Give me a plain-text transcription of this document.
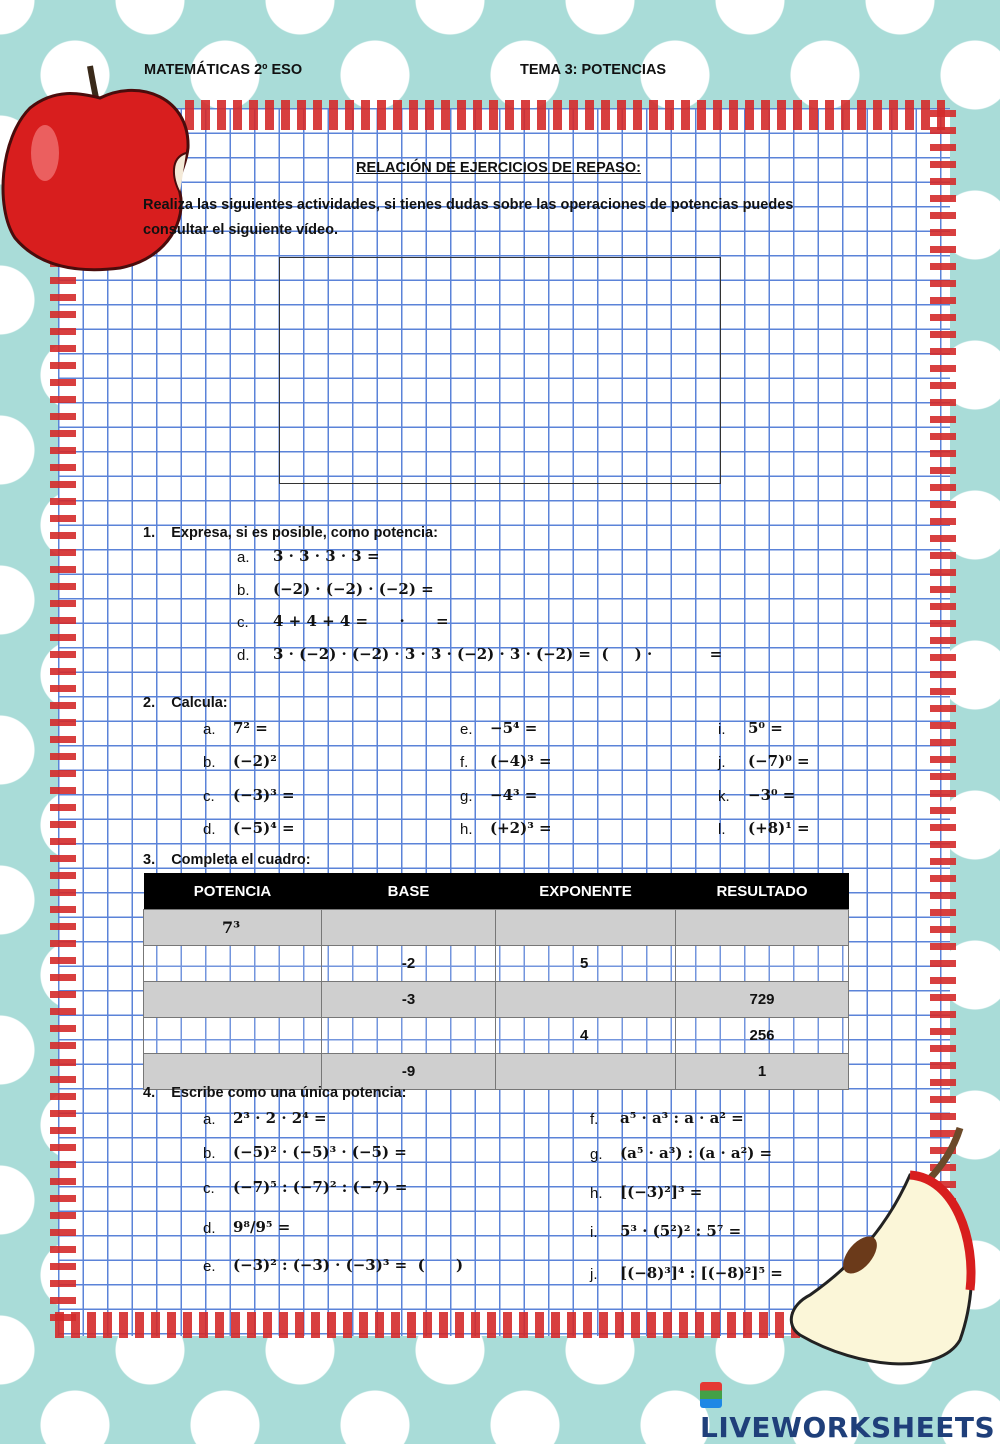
MATEMÁTICAS 2º ESO	TEMA 3: POTENCIAS
RELACIÓN DE EJERCICIOS DE REPASO:
Realiza las siguientes actividades, si tienes dudas sobre las operaciones de potencias puedes
consultar el siguiente vídeo.
1.    Expresa, si es posible, como potencia:
a. 3 · 3 · 3 · 3 =
b. (−2) · (−2) · (−2) =
c. 4 + 4 + 4 =      ·      =
d. 3 · (−2) · (−2) · 3 · 3 · (−2) · 3 · (−2) =  (     ) ·           =
2.    Calcula:
a. 7² =
b. (−2)²
c. (−3)³ =
d. (−5)⁴ =
e. −5⁴ =
f. (−4)³ =
g. −4³ =
h. (+2)³ =
i. 5⁰ =
j. (−7)⁰ =
k. −3⁰ =
l. (+8)¹ =
3.    Completa el cuadro:
POTENCIA	BASE	EXPONENTE	RESULTADO
7³			
	-2	5	
	-3		729
		4	256
	-9		1
4.    Escribe como una única potencia:
a. 2³ · 2 · 2⁴ =
b. (−5)² · (−5)³ · (−5) =
c. (−7)⁵ : (−7)² : (−7) =
d. 9⁸/9⁵ =
e. (−3)² : (−3) · (−3)³ =  (      )
f. a⁵ · a³ : a · a² =
g. (a⁵ · a³) : (a · a²) =
h. [(−3)²]³ =
i. 5³ · (5²)² : 5⁷ =
j. [(−8)³]⁴ : [(−8)²]⁵ =
LIVEWORKSHEETS
